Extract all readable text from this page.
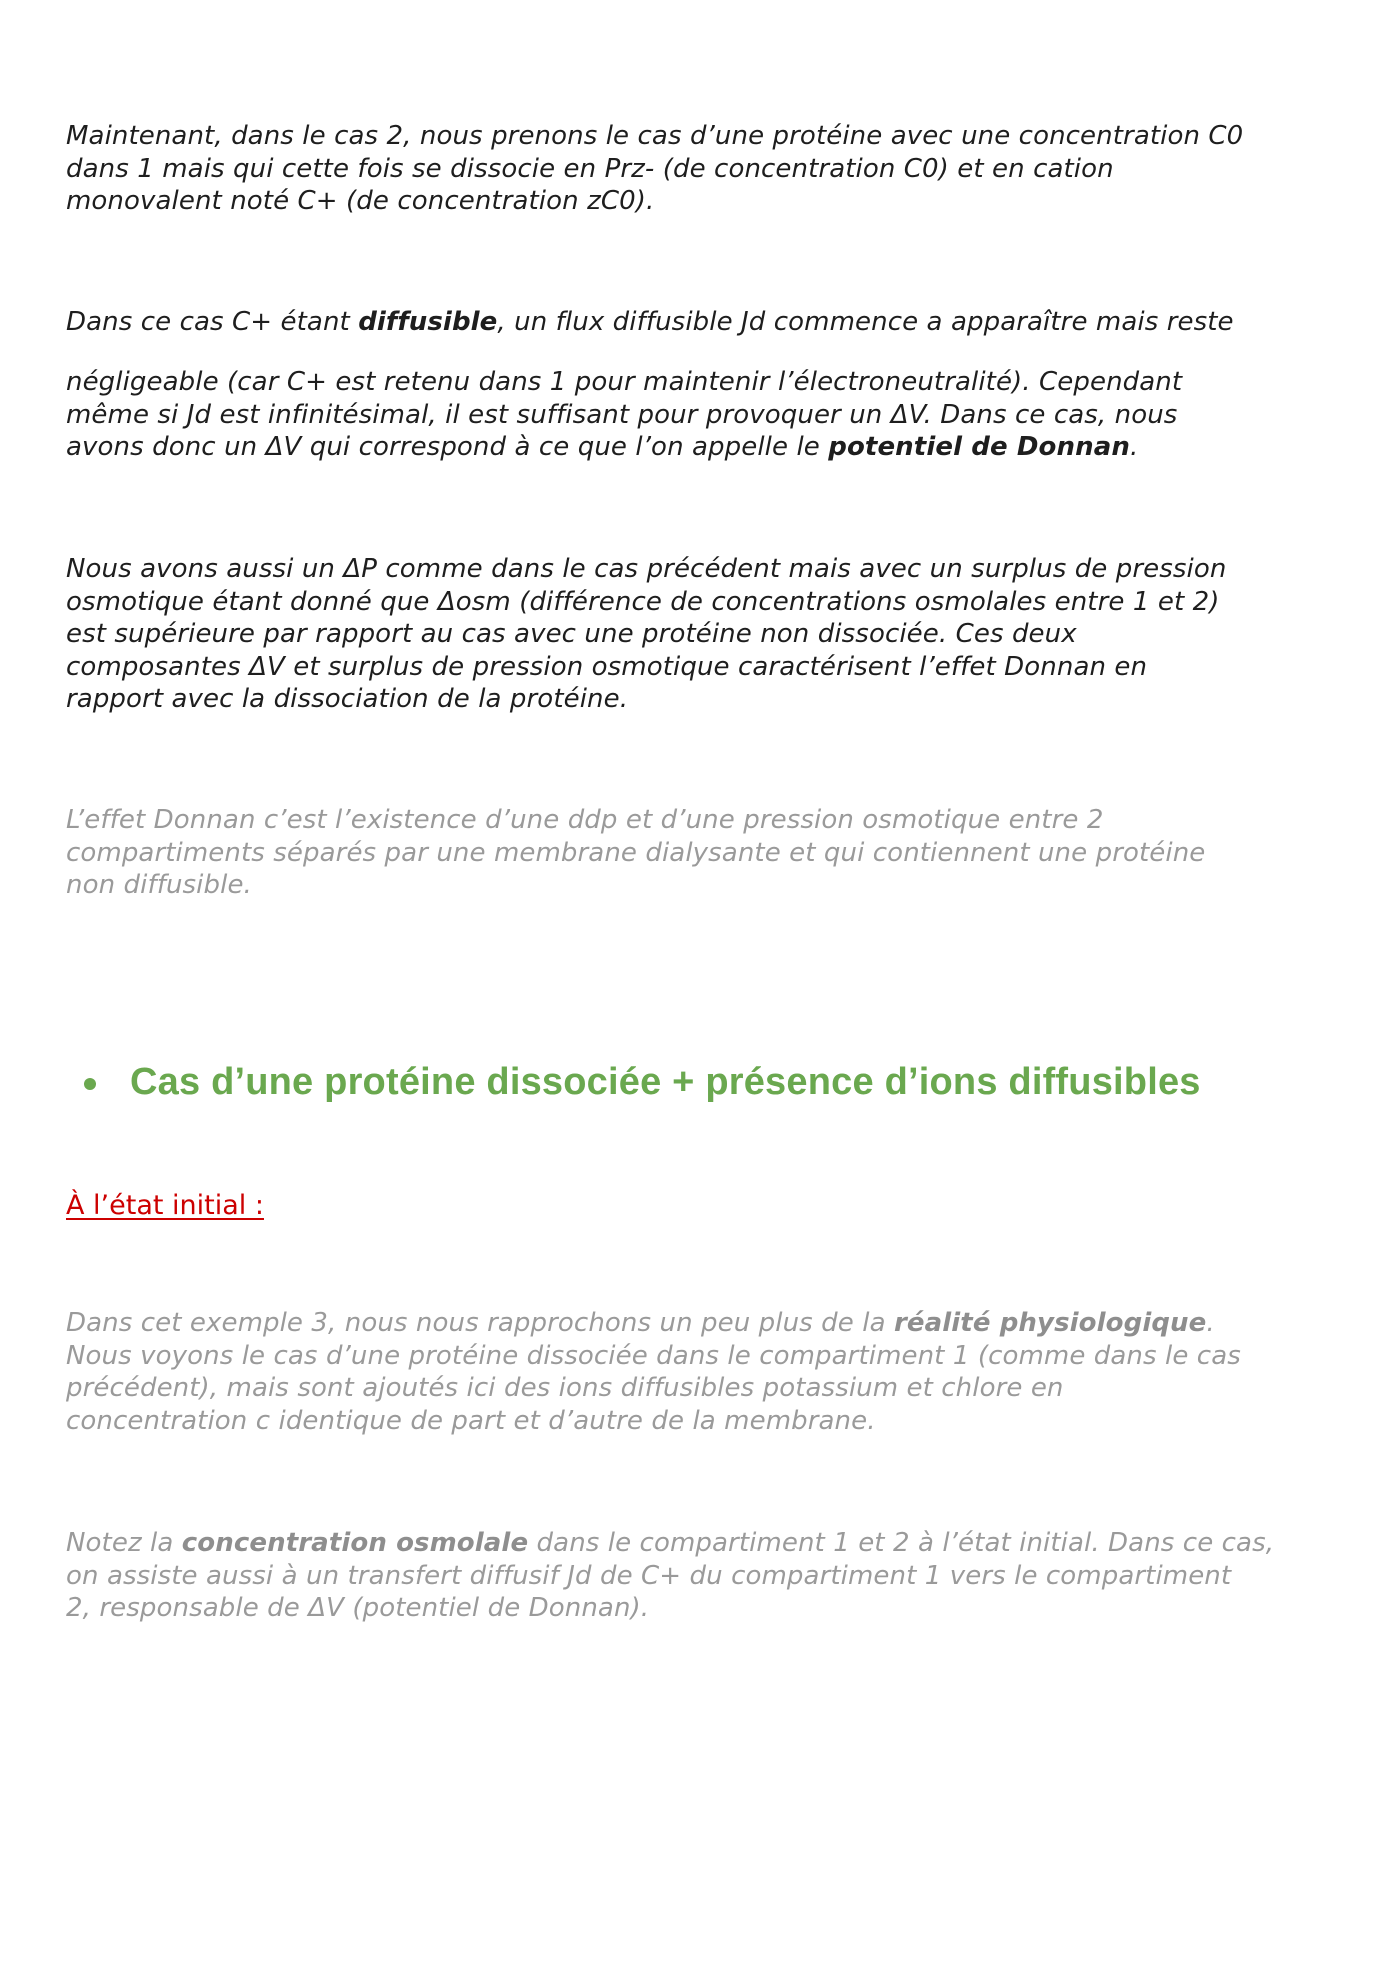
Maintenant, dans le cas 2, nous prenons le cas d’une protéine avec une concentration C0
dans 1 mais qui cette fois se dissocie en Prz- (de concentration C0) et en cation
monovalent noté C+ (de concentration zC0).

Dans ce cas C+ étant diffusible, un flux diffusible Jd commence a apparaître mais reste

négligeable (car C+ est retenu dans 1 pour maintenir l’électroneutralité). Cependant
même si Jd est infinitésimal, il est suffisant pour provoquer un ΔV. Dans ce cas, nous
avons donc un ΔV qui correspond à ce que l’on appelle le potentiel de Donnan.

Nous avons aussi un ΔP comme dans le cas précédent mais avec un surplus de pression
osmotique étant donné que Δosm (différence de concentrations osmolales entre 1 et 2)
est supérieure par rapport au cas avec une protéine non dissociée. Ces deux
composantes ΔV et surplus de pression osmotique caractérisent l’effet Donnan en
rapport avec la dissociation de la protéine.

L’effet Donnan c’est l’existence d’une ddp et d’une pression osmotique entre 2
compartiments séparés par une membrane dialysante et qui contiennent une protéine
non diffusible.

Cas d’une protéine dissociée + présence d’ions diffusibles
À l’état initial :

Dans cet exemple 3, nous nous rapprochons un peu plus de la réalité physiologique.
Nous voyons le cas d’une protéine dissociée dans le compartiment 1 (comme dans le cas
précédent), mais sont ajoutés ici des ions diffusibles potassium et chlore en
concentration c identique de part et d’autre de la membrane.

Notez la concentration osmolale dans le compartiment 1 et 2 à l’état initial. Dans ce cas,
on assiste aussi à un transfert diffusif Jd de C+ du compartiment 1 vers le compartiment
2, responsable de ΔV (potentiel de Donnan).
